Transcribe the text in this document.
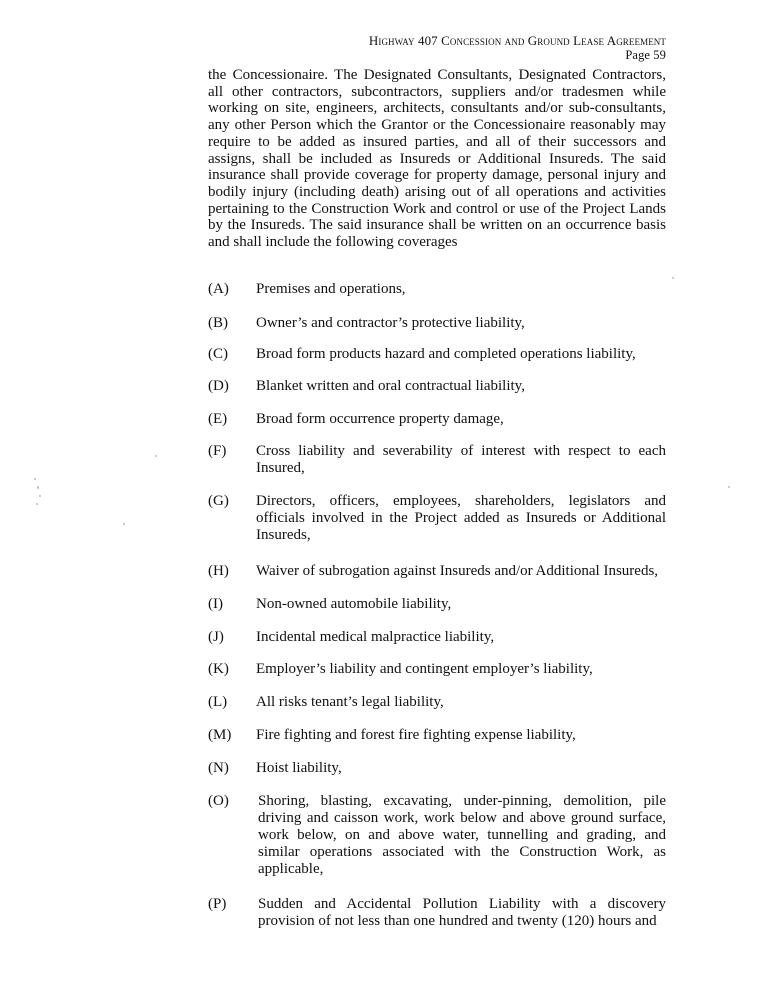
Highway 407 Concession and Ground Lease Agreement
Page 59
the Concessionaire. The Designated Consultants, Designated Contractors, all other contractors, subcontractors, suppliers and/or tradesmen while working on site, engineers, architects, consultants and/or sub-consultants, any other Person which the Grantor or the Concessionaire reasonably may require to be added as insured parties, and all of their successors and assigns, shall be included as Insureds or Additional Insureds. The said insurance shall provide coverage for property damage, personal injury and bodily injury (including death) arising out of all operations and activities pertaining to the Construction Work and control or use of the Project Lands by the Insureds. The said insurance shall be written on an occurrence basis and shall include the following coverages
(A)	Premises and operations,
(B)	Owner’s and contractor’s protective liability,
(C)	Broad form products hazard and completed operations liability,
(D)	Blanket written and oral contractual liability,
(E)	Broad form occurrence property damage,
(F)	Cross liability and severability of interest with respect to each Insured,
(G)	Directors, officers, employees, shareholders, legislators and officials involved in the Project added as Insureds or Additional Insureds,
(H)	Waiver of subrogation against Insureds and/or Additional Insureds,
(I)	Non-owned automobile liability,
(J)	Incidental medical malpractice liability,
(K)	Employer’s liability and contingent employer’s liability,
(L)	All risks tenant’s legal liability,
(M)	Fire fighting and forest fire fighting expense liability,
(N)	Hoist liability,
(O)	Shoring, blasting, excavating, under-pinning, demolition, pile driving and caisson work, work below and above ground surface, work below, on and above water, tunnelling and grading, and similar operations associated with the Construction Work, as applicable,
(P)	Sudden and Accidental Pollution Liability with a discovery provision of not less than one hundred and twenty (120) hours and
